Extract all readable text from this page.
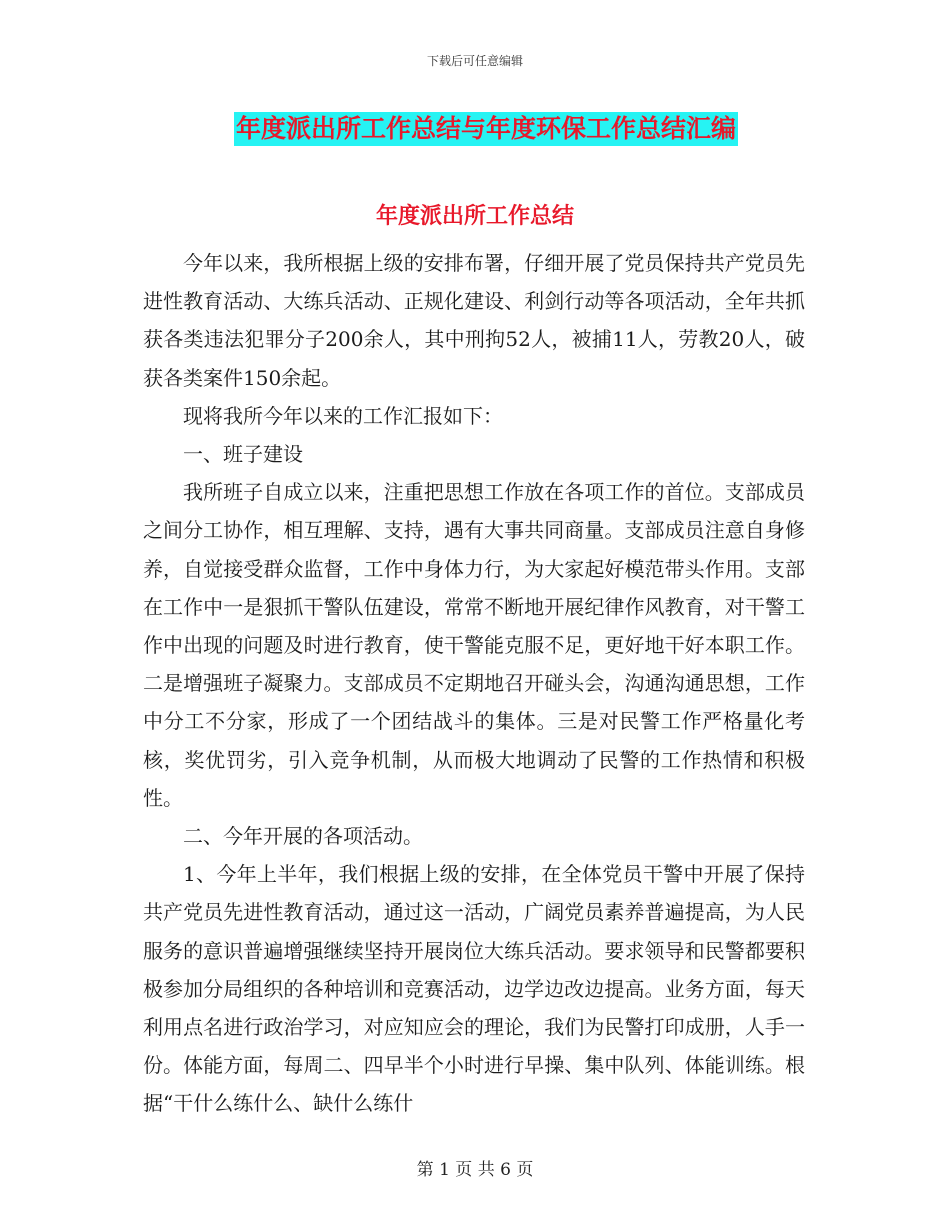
下载后可任意编辑
年度派出所工作总结与年度环保工作总结汇编
年度派出所工作总结

今年以来，我所根据上级的安排布署，仔细开展了党员保持共产党员先进性教育活动、大练兵活动、正规化建设、利剑行动等各项活动，全年共抓获各类违法犯罪分子200余人，其中刑拘52人，被捕11人，劳教20人，破获各类案件150余起。

现将我所今年以来的工作汇报如下：

一、班子建设

我所班子自成立以来，注重把思想工作放在各项工作的首位。支部成员之间分工协作，相互理解、支持，遇有大事共同商量。支部成员注意自身修养，自觉接受群众监督，工作中身体力行，为大家起好模范带头作用。支部在工作中一是狠抓干警队伍建设，常常不断地开展纪律作风教育，对干警工作中出现的问题及时进行教育，使干警能克服不足，更好地干好本职工作。二是增强班子凝聚力。支部成员不定期地召开碰头会，沟通沟通思想，工作中分工不分家，形成了一个团结战斗的集体。三是对民警工作严格量化考核，奖优罚劣，引入竞争机制，从而极大地调动了民警的工作热情和积极性。

二、今年开展的各项活动。

1、今年上半年，我们根据上级的安排，在全体党员干警中开展了保持共产党员先进性教育活动，通过这一活动，广阔党员素养普遍提高，为人民服务的意识普遍增强继续坚持开展岗位大练兵活动。要求领导和民警都要积极参加分局组织的各种培训和竞赛活动，边学边改边提高。业务方面，每天利用点名进行政治学习，对应知应会的理论，我们为民警打印成册，人手一份。体能方面，每周二、四早半个小时进行早操、集中队列、体能训练。根据“干什么练什么、缺什么练什

第 1 页 共 6 页
